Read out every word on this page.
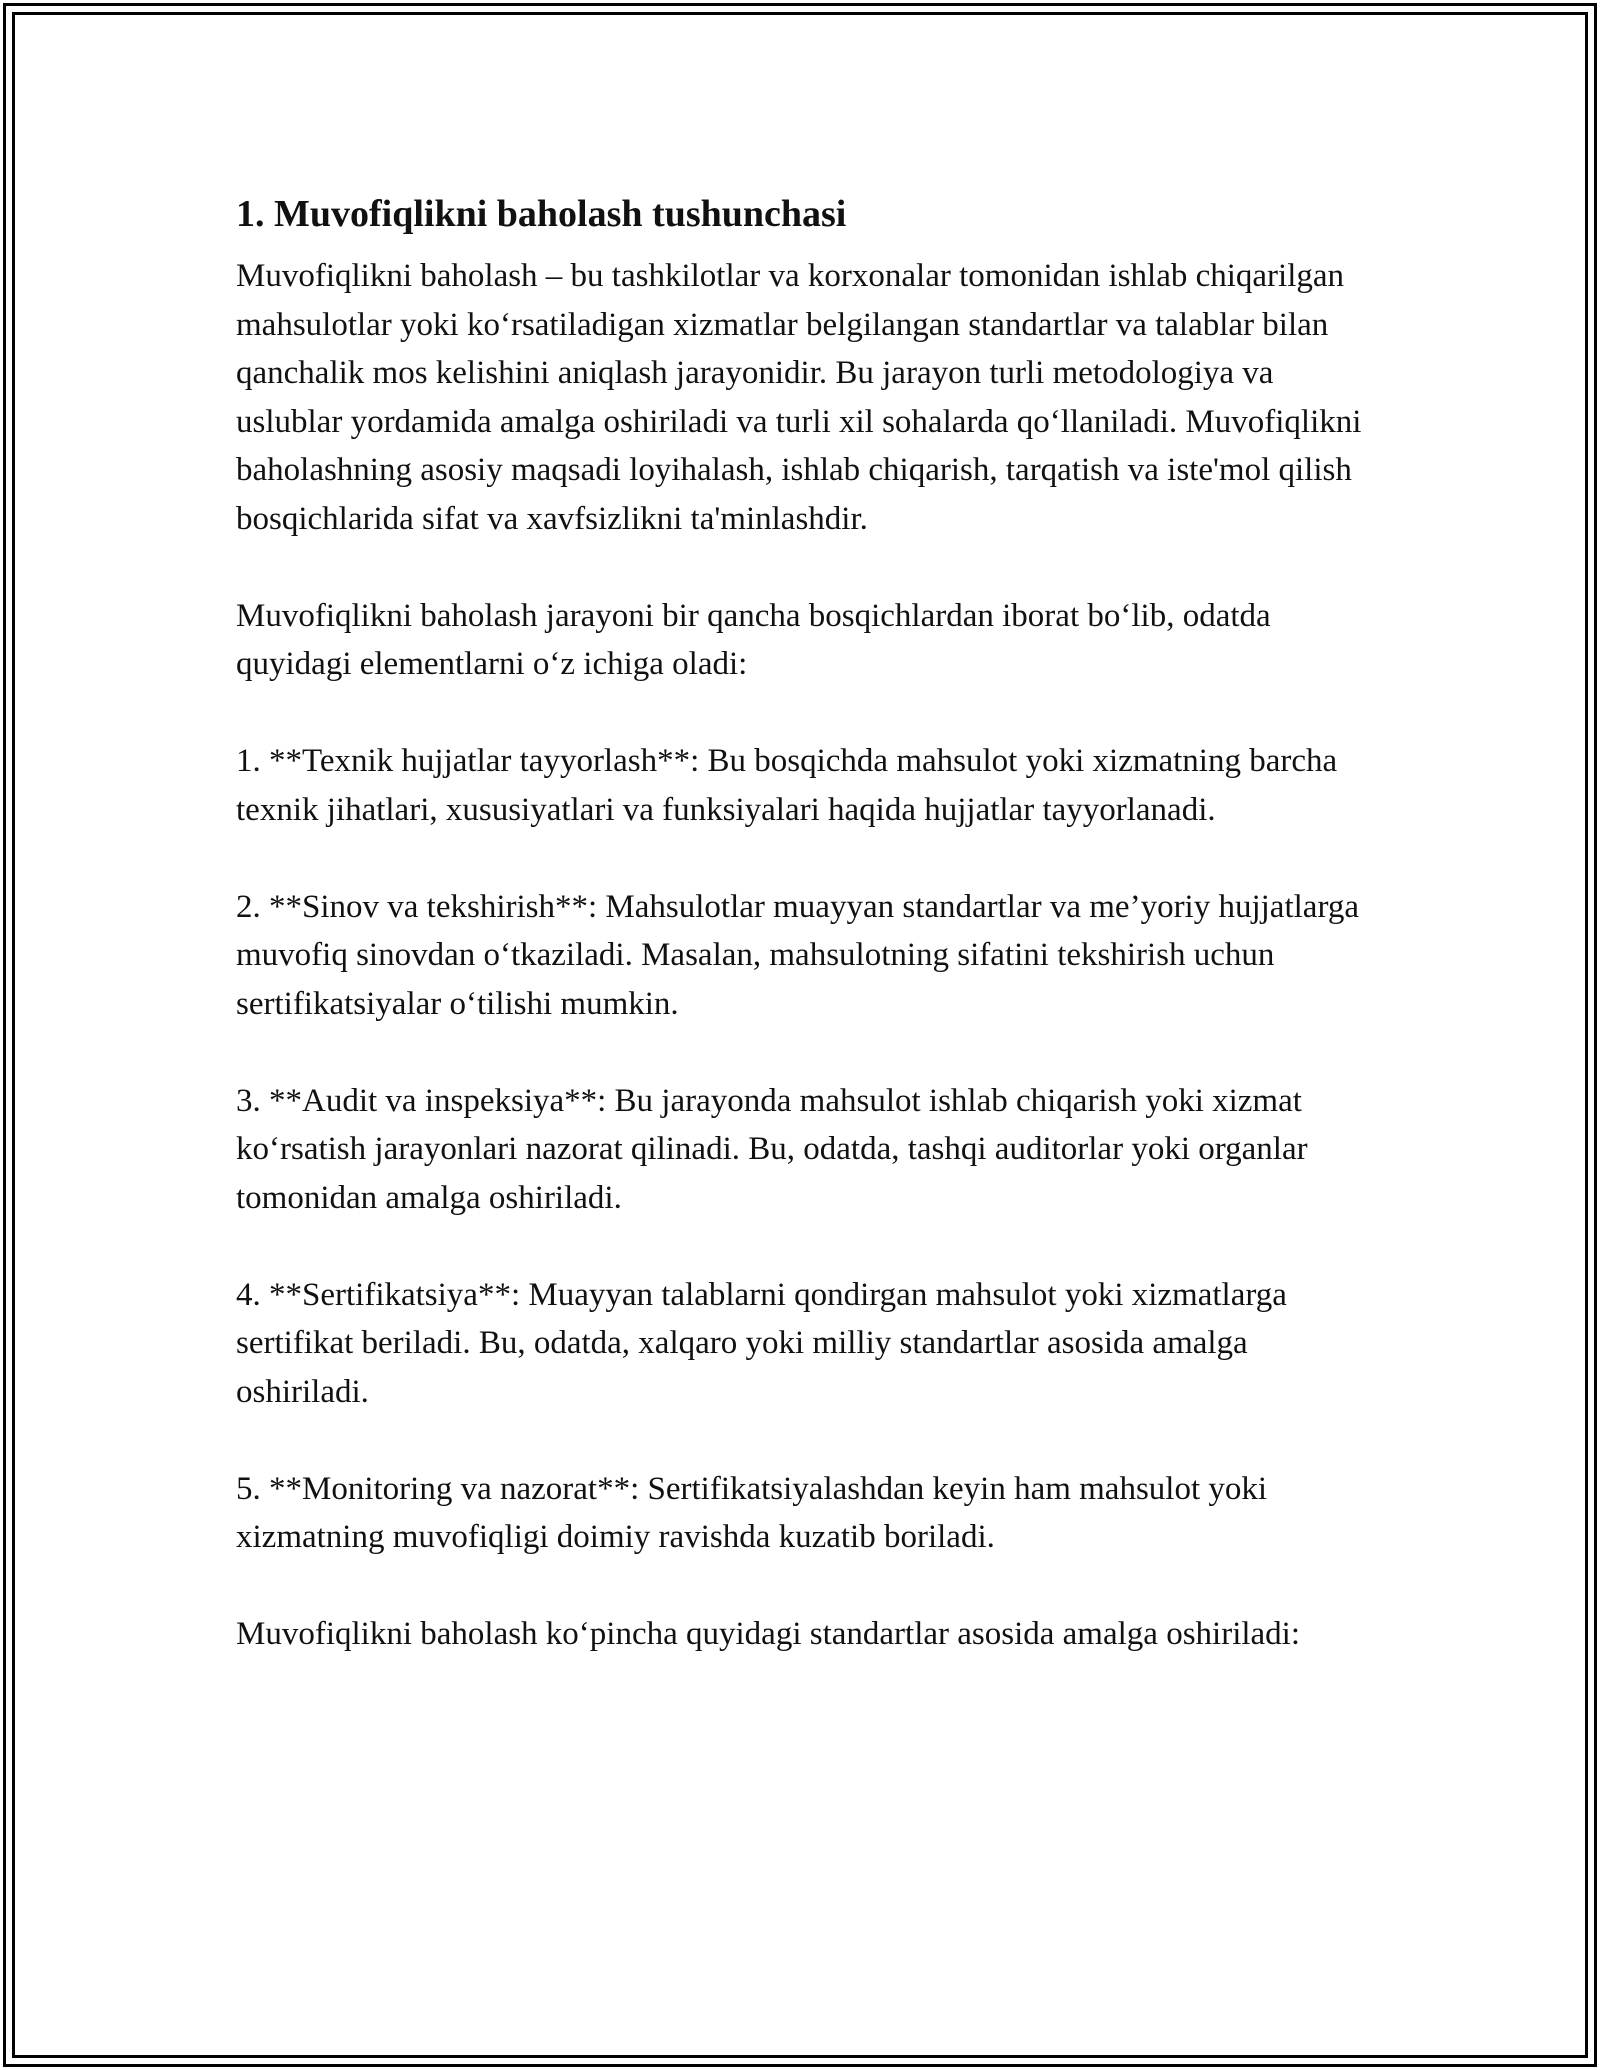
1. Muvofiqlikni baholash tushunchasi

Muvofiqlikni baholash – bu tashkilotlar va korxonalar tomonidan ishlab chiqarilgan mahsulotlar yoki koʻrsatiladigan xizmatlar belgilangan standartlar va talablar bilan qanchalik mos kelishini aniqlash jarayonidir. Bu jarayon turli metodologiya va uslublar yordamida amalga oshiriladi va turli xil sohalarda qoʻllaniladi. Muvofiqlikni baholashning asosiy maqsadi loyihalash, ishlab chiqarish, tarqatish va iste'mol qilish bosqichlarida sifat va xavfsizlikni ta'minlashdir.

Muvofiqlikni baholash jarayoni bir qancha bosqichlardan iborat boʻlib, odatda quyidagi elementlarni oʻz ichiga oladi:

1. **Texnik hujjatlar tayyorlash**: Bu bosqichda mahsulot yoki xizmatning barcha texnik jihatlari, xususiyatlari va funksiyalari haqida hujjatlar tayyorlanadi.

2. **Sinov va tekshirish**: Mahsulotlar muayyan standartlar va me’yoriy hujjatlarga muvofiq sinovdan oʻtkaziladi. Masalan, mahsulotning sifatini tekshirish uchun sertifikatsiyalar oʻtilishi mumkin.

3. **Audit va inspeksiya**: Bu jarayonda mahsulot ishlab chiqarish yoki xizmat koʻrsatish jarayonlari nazorat qilinadi. Bu, odatda, tashqi auditorlar yoki organlar tomonidan amalga oshiriladi.

4. **Sertifikatsiya**: Muayyan talablarni qondirgan mahsulot yoki xizmatlarga sertifikat beriladi. Bu, odatda, xalqaro yoki milliy standartlar asosida amalga oshiriladi.

5. **Monitoring va nazorat**: Sertifikatsiyalashdan keyin ham mahsulot yoki xizmatning muvofiqligi doimiy ravishda kuzatib boriladi.

Muvofiqlikni baholash koʻpincha quyidagi standartlar asosida amalga oshiriladi:
